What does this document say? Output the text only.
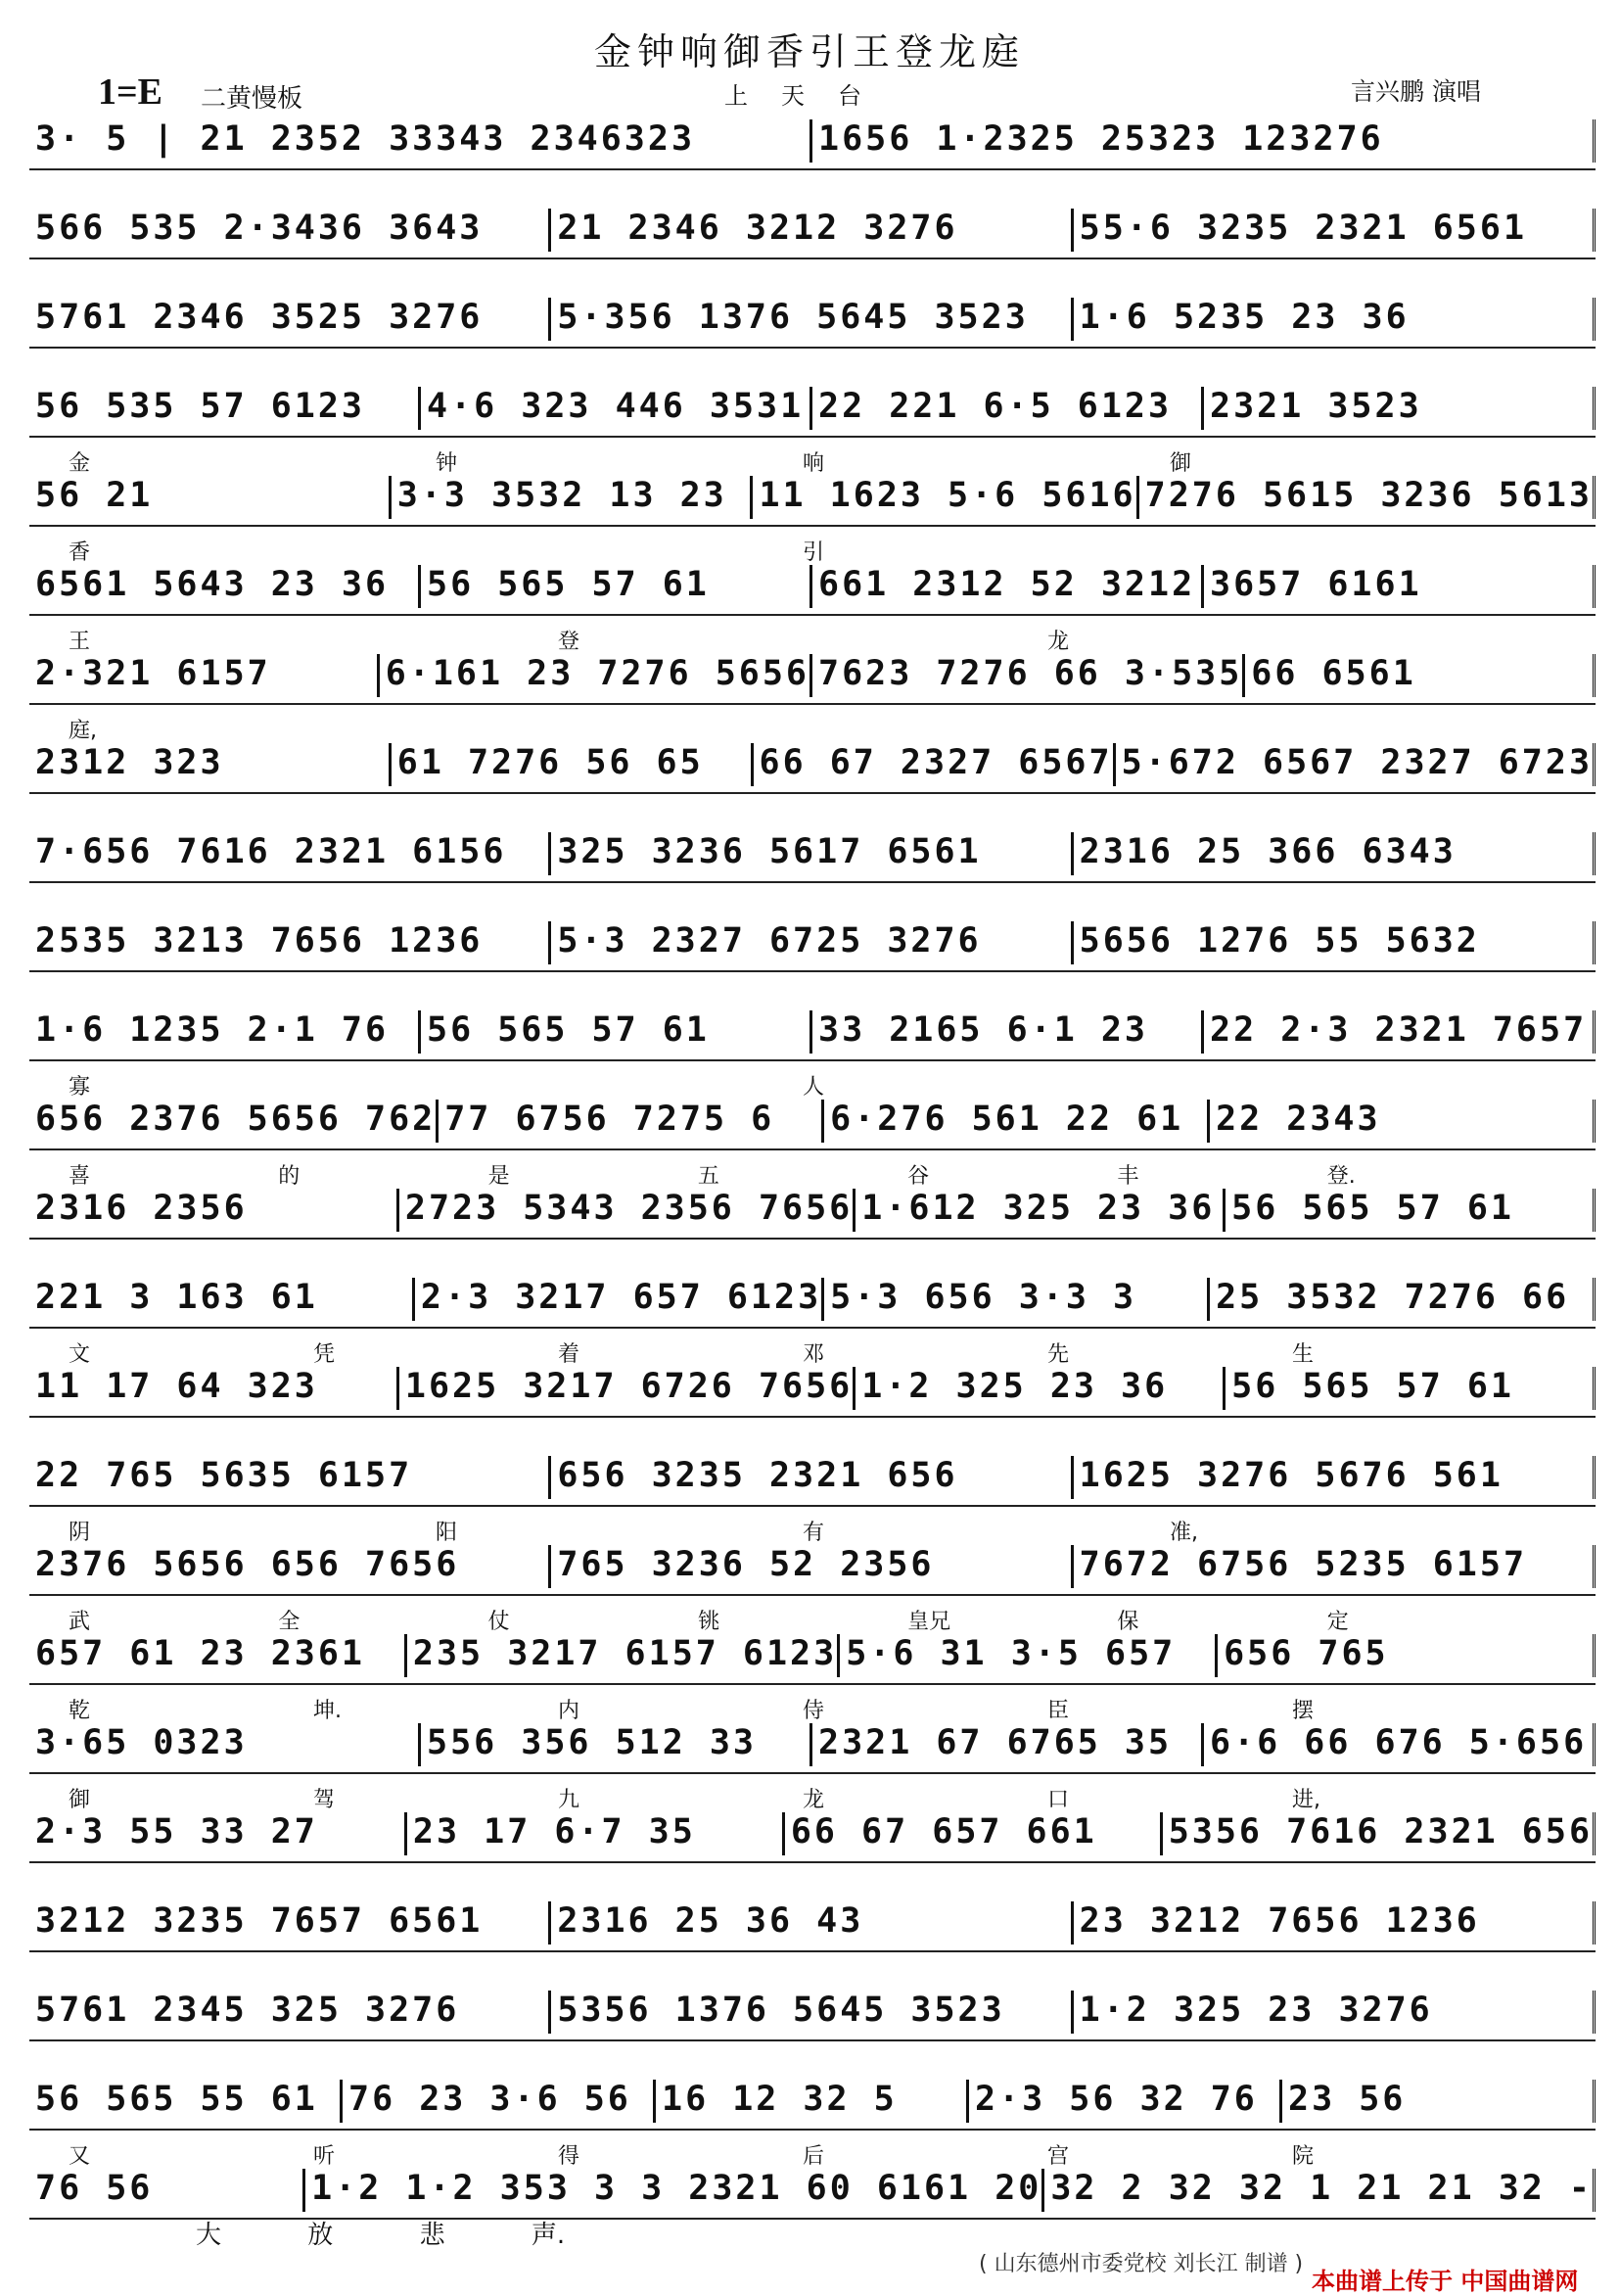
金钟响御香引王登龙庭
1=E 二黄慢板	上天台	言兴鹏 演唱
3· 5 | 21 2352 33343 2346323	1656 1·2325 25323 123276
566 535 2·3436 3643	21 2346 3212 3276	55·6 3235 2321 6561
5761 2346 3525 3276	5·356 1376 5645 3523	1·6 5235 23 36
56 535 57 6123	4·6 323 446 3531 22 221 6·5 6123	2321 3523
金	钟	响	御
56 21	3·3 3532 13 23 11 1623 5·6 5616 7276 5615 3236 5613
香	引
6561 5643 23 36	56 565 57 61	661 2312 52 3212 3657 6161
王	登	龙
2·321 6157	6·161 23 7276 5656 7623 7276 66 3·535 66 6561
庭,
2312 323	61 7276 56 65	66 67 2327 6567 5·672 6567 2327 6723
7·656 7616 2321 6156	325 3236 5617 6561	2316 25 366 6343
2535 3213 7656 1236	5·3 2327 6725 3276	5656 1276 55 5632
1·6 1235 2·1 76	56 565 57 61	33 2165 6·1 23	22 2·3 2321 7657
寡	人
656 2376 5656 762 77 6756 7275 6	6·276 561 22 61 22 2343
喜	的	是	五	谷	丰	登.
2316 2356	2723 5343 2356 7656 1·612 325 23 36 56 565 57 61
221 3 163 61	2·3 3217 657 6123 5·3 656 3·3 3	25 3532 7276 66
文	凭	着	邓	先	生
11 17 64 323	1625 3217 6726 7656 1·2 325 23 36	56 565 57 61
22 765 5635 6157	656 3235 2321 656	1625 3276 5676 561
阴	阳	有	准,
2376 5656 656 7656	765 3236 52 2356	7672 6756 5235 6157
武	全	仗	铫	皇兄	保	定
657 61 23 2361	235 3217 6157 6123 5·6 31 3·5 657	656 765
乾	坤.	内	侍	臣	摆
3·65 0323	556 356 512 33	2321 67 6765 35	6·6 66 676 5·656
御	驾	九	龙	口	进,
2·3 55 33 27	23 17 6·7 35	66 67 657 661	5356 7616 2321 656
3212 3235 7657 6561	2316 25 36 43	23 3212 7656 1236
5761 2345 325 3276	5356 1376 5645 3523	1·2 325 23 3276
56 565 55 61 76 23 3·6 56 16 12 32 5	2·3 56 32 76 23 56
又	听	得	后	宫	院
76 56	1·2 1·2 353 3 3 2321 60 6161 20 32 2 32 32 1 21 21 32 -
大	放	悲	声.
( 山东德州市委党校 刘长江 制谱 )
本曲谱上传于 中国曲谱网
